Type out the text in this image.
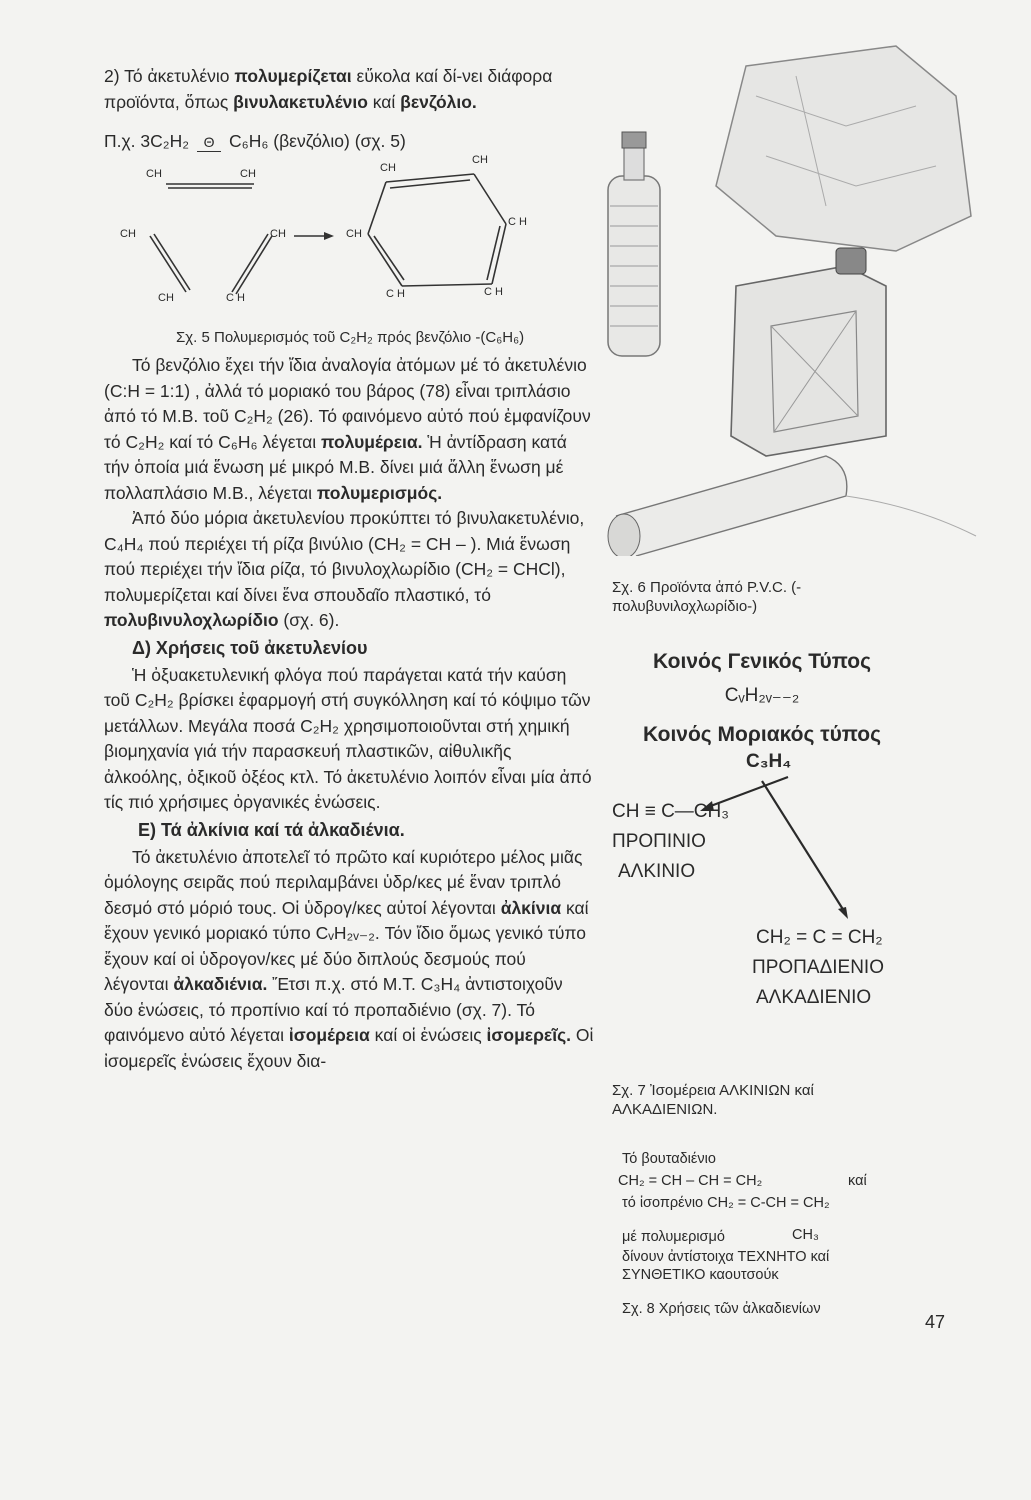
2) Τό ἀκετυλένιο πολυμερίζεται εὔκολα καί δί-νει διάφορα προϊόντα, ὅπως βινυλακετυλένιο καί βενζόλιο.

Π.χ. 3C₂H₂	Θ C₆H₆ (βενζόλιο) (σχ. 5)
CH	CH
CH	CH
CH	C H
CH
CH
CH
C H
C H	C H

Σχ. 5 Πολυμερισμός τοῦ C₂H₂ πρός βενζόλιο -(C₆H₆)

Τό βενζόλιο ἔχει τήν ἴδια ἀναλογία ἀτόμων μέ τό ἀκετυλένιο (C:H = 1:1) , ἀλλά τό μοριακό του βάρος (78) εἶναι τριπλάσιο ἀπό τό Μ.Β. τοῦ C₂H₂ (26). Τό φαινόμενο αὐτό πού ἐμφανίζουν τό C₂H₂ καί τό C₆H₆ λέγεται πολυμέρεια. Ἡ ἀντίδραση κατά τήν ὁποία μιά ἕνωση μέ μικρό Μ.Β. δίνει μιά ἄλλη ἕνωση μέ πολλαπλάσιο Μ.Β., λέγεται πολυμερισμός.

Ἀπό δύο μόρια ἀκετυλενίου προκύπτει τό βινυλακετυλένιο, C₄H₄ πού περιέχει τή ρίζα βινύλιο (CH₂ = CH – ). Μιά ἕνωση πού περιέχει τήν ἴδια ρίζα, τό βινυλοχλωρίδιο (CH₂ = CHCl), πολυμερίζεται καί δίνει ἕνα σπουδαῖο πλαστικό, τό πολυβινυλοχλωρίδιο (σχ. 6).

Δ) Χρήσεις τοῦ ἀκετυλενίου

Ἡ ὀξυακετυλενική φλόγα πού παράγεται κατά τήν καύση τοῦ C₂H₂ βρίσκει ἐφαρμογή στή συγκόλληση καί τό κόψιμο τῶν μετάλλων. Μεγάλα ποσά C₂H₂ χρησιμοποιοῦνται στή χημική βιομηχανία γιά τήν παρασκευή πλαστικῶν, αἰθυλικῆς ἀλκοόλης, ὀξικοῦ ὀξέος κτλ. Τό ἀκετυλένιο λοιπόν εἶναι μία ἀπό τίς πιό χρήσιμες ὀργανικές ἑνώσεις.

Ε) Τά ἀλκίνια καί τά ἀλκαδιένια.

Τό ἀκετυλένιο ἀποτελεῖ τό πρῶτο καί κυριότερο μέλος μιᾶς ὁμόλογης σειρᾶς πού περιλαμβάνει ὑδρ/κες μέ ἕναν τριπλό δεσμό στό μόριό τους. Οἱ ὑδρογ/κες αὐτοί λέγονται ἀλκίνια καί ἔχουν γενικό μοριακό τύπο CᵥH₂ᵥ₋₂. Τόν ἴδιο ὅμως γενικό τύπο ἔχουν καί οἱ ὑδρογον/κες μέ δύο διπλούς δεσμούς πού λέγονται ἀλκαδιένια. Ἔτσι π.χ. στό Μ.Τ. C₃H₄ ἀντιστοιχοῦν δύο ἑνώσεις, τό προπίνιο καί τό προπαδιένιο (σχ. 7). Τό φαινόμενο αὐτό λέγεται ἰσομέρεια καί οἱ ἑνώσεις ἰσομερεῖς. Οἱ ἰσομερεῖς ἑνώσεις ἔχουν δια-

Σχ. 6 Προϊόντα ἀπό P.V.C. (-πολυβυνιλοχλωρίδιο-)

Κοινός Γενικός Τύπος

CᵥH₂ᵥ₋₋₂

Κοινός Μοριακός τύπος

C₃H₄
CH ≡ C—CH₃
ΠΡΟΠΙΝΙΟ
ΑΛΚΙΝΙΟ
CH₂ = C = CH₂
ΠΡΟΠΑΔΙΕΝΙΟ
ΑΛΚΑΔΙΕΝΙΟ

Σχ. 7 Ἰσομέρεια ΑΛΚΙΝΙΩΝ καί ΑΛΚΑΔΙΕΝΙΩΝ.

Τό βουταδιένιο
CH₂ = CH – CH = CH₂	καί
τό ἰσοπρένιο CH₂ = C-CH = CH₂
CH₃
μέ πολυμερισμό
δίνουν ἀντίστοιχα ΤΕΧΝΗΤΟ καί
ΣΥΝΘΕΤΙΚΟ καουτσούκ
Σχ. 8 Χρήσεις τῶν ἀλκαδιενίων
47
